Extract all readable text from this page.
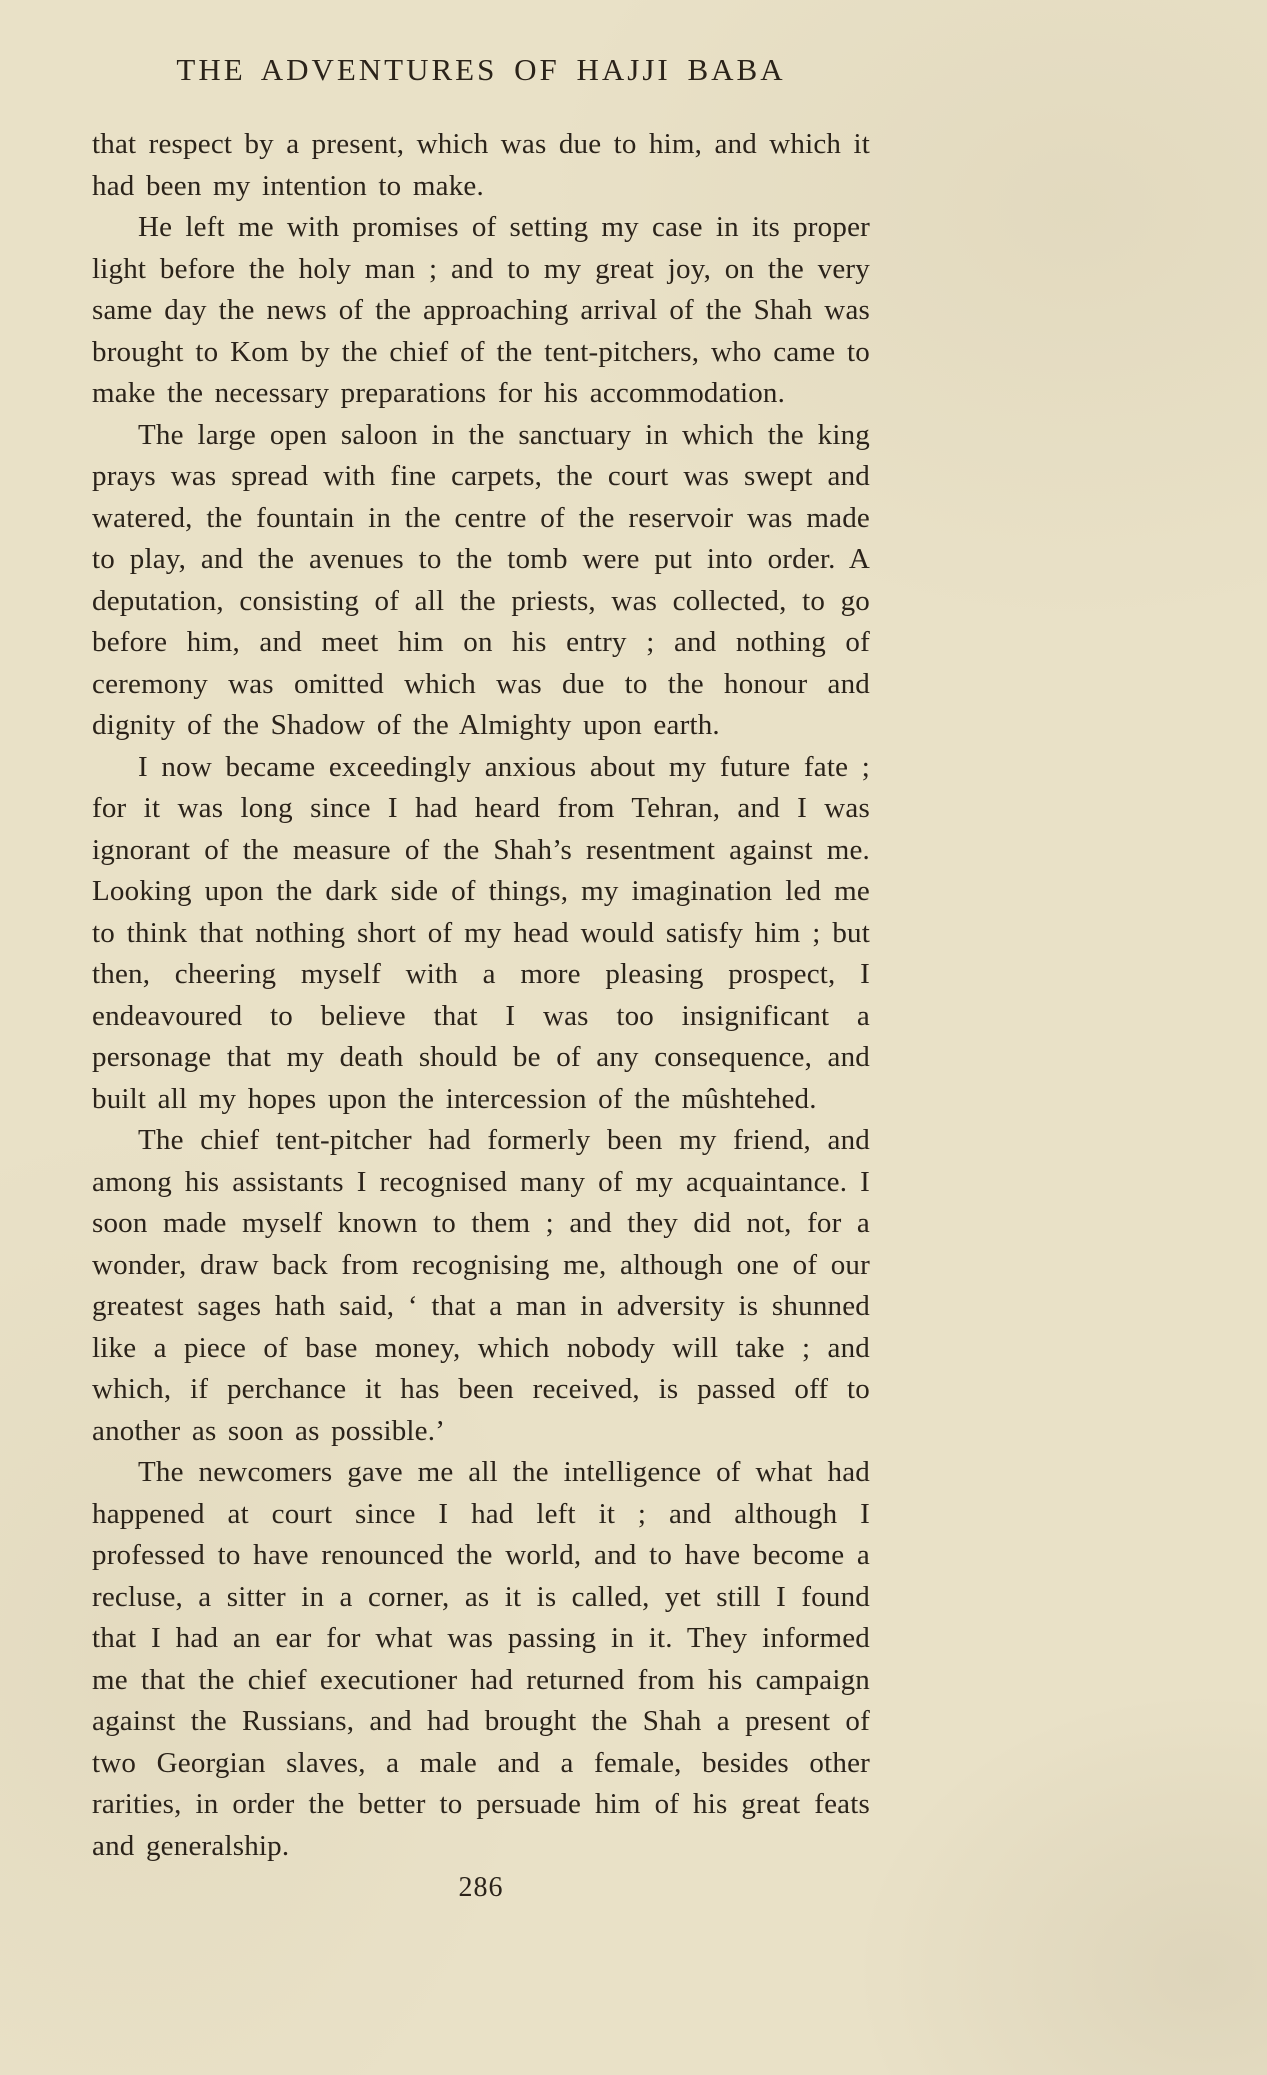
THE ADVENTURES OF HAJJI BABA

that respect by a present, which was due to him, and which it had been my intention to make.

He left me with promises of setting my case in its proper light before the holy man ; and to my great joy, on the very same day the news of the approaching arrival of the Shah was brought to Kom by the chief of the tent-pitchers, who came to make the necessary preparations for his accommodation.

The large open saloon in the sanctuary in which the king prays was spread with fine carpets, the court was swept and watered, the fountain in the centre of the reservoir was made to play, and the avenues to the tomb were put into order. A deputation, consisting of all the priests, was collected, to go before him, and meet him on his entry ; and nothing of ceremony was omitted which was due to the honour and dignity of the Shadow of the Almighty upon earth.

I now became exceedingly anxious about my future fate ; for it was long since I had heard from Tehran, and I was ignorant of the measure of the Shah’s resentment against me. Looking upon the dark side of things, my imagination led me to think that nothing short of my head would satisfy him ; but then, cheering myself with a more pleasing prospect, I endeavoured to believe that I was too insignificant a personage that my death should be of any consequence, and built all my hopes upon the intercession of the mûshtehed.

The chief tent-pitcher had formerly been my friend, and among his assistants I recognised many of my acquaintance. I soon made myself known to them ; and they did not, for a wonder, draw back from recognising me, although one of our greatest sages hath said, ‘ that a man in adversity is shunned like a piece of base money, which nobody will take ; and which, if perchance it has been received, is passed off to another as soon as possible.’

The newcomers gave me all the intelligence of what had happened at court since I had left it ; and although I professed to have renounced the world, and to have become a recluse, a sitter in a corner, as it is called, yet still I found that I had an ear for what was passing in it. They informed me that the chief executioner had returned from his campaign against the Russians, and had brought the Shah a present of two Georgian slaves, a male and a female, besides other rarities, in order the better to persuade him of his great feats and generalship.

286
